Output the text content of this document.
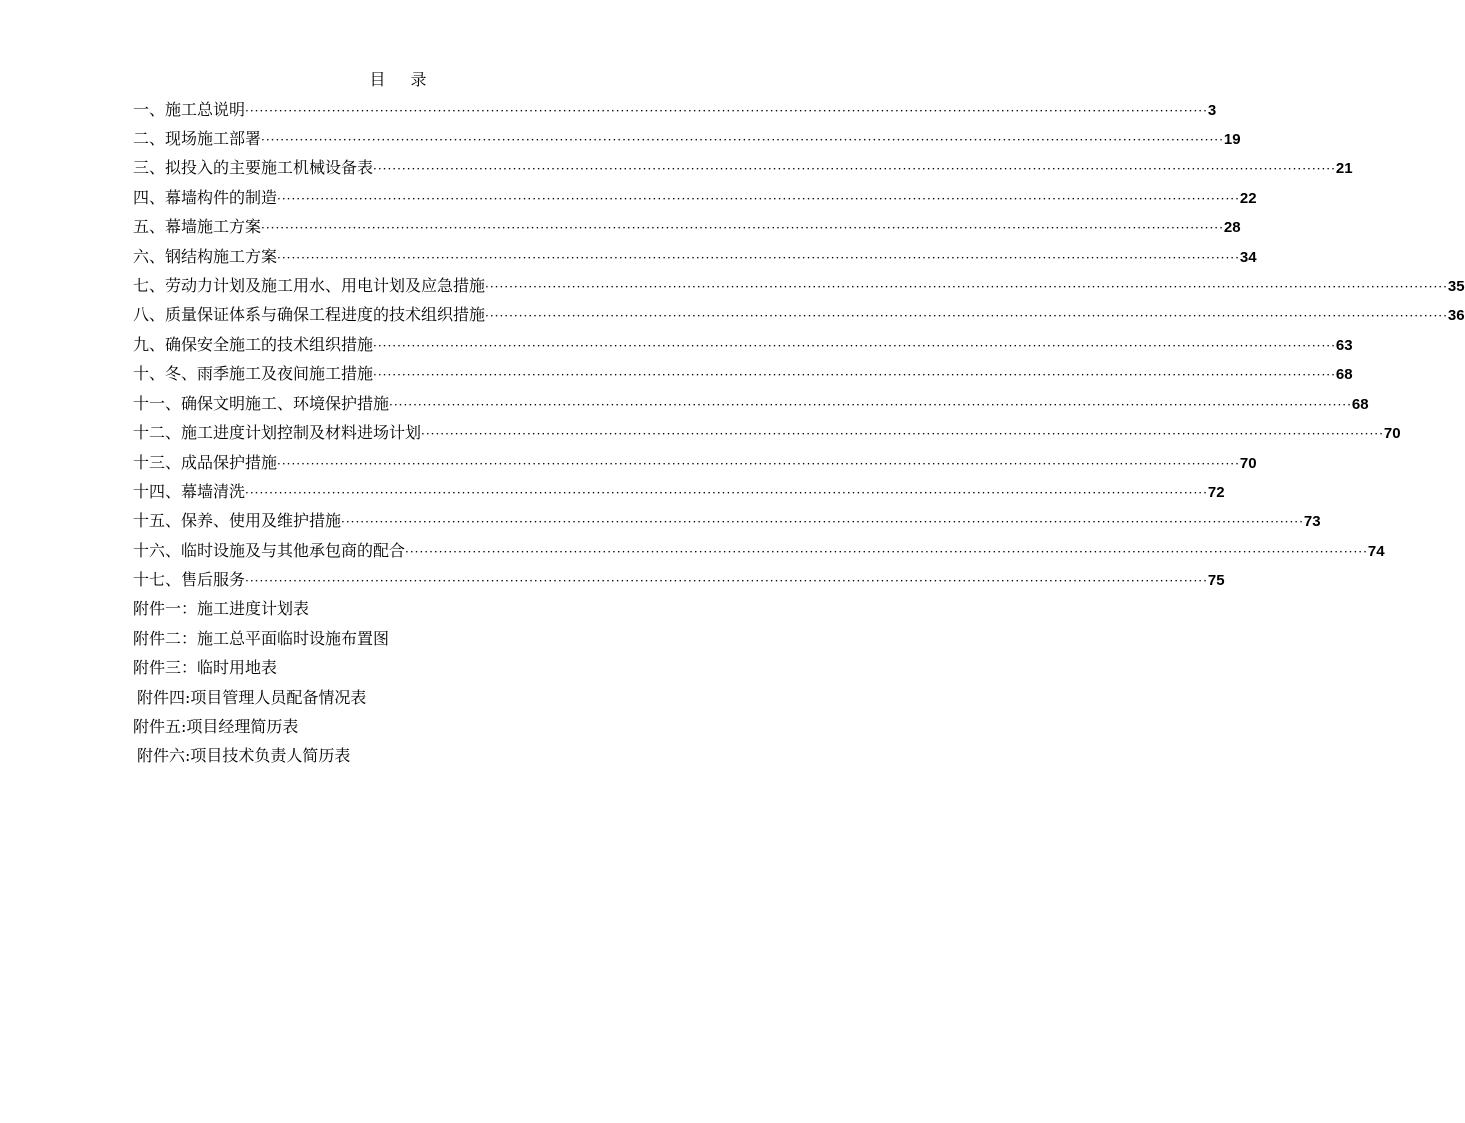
目 录
一、 施工总说明 ········································································································································································································ 3
二、 现场施工部署 ········································································································································································································ 19
三、 拟投入的主要施工机械设备表 ········································································································································································································ 21
四、 幕墙构件的制造 ········································································································································································································ 22
五、 幕墙施工方案 ········································································································································································································ 28
六、 钢结构施工方案 ········································································································································································································ 34
七、 劳动力计划及施工用水、用电计划及应急措施 ········································································································································································································ 35
八、 质量保证体系与确保工程进度的技术组织措施 ········································································································································································································ 36
九、 确保安全施工的技术组织措施 ········································································································································································································ 63
十、 冬、雨季施工及夜间施工措施 ········································································································································································································ 68
十一、 确保文明施工、环境保护措施 ········································································································································································································ 68
十二、 施工进度计划控制及材料进场计划 ········································································································································································································ 70
十三、 成品保护措施 ········································································································································································································ 70
十四、 幕墙清洗 ········································································································································································································ 72
十五、 保养、使用及维护措施 ········································································································································································································ 73
十六、 临时设施及与其他承包商的配合 ········································································································································································································ 74
十七、 售后服务 ········································································································································································································ 75
附件一：施工进度计划表
附件二：施工总平面临时设施布置图
附件三：临时用地表
附件四:项目管理人员配备情况表
附件五:项目经理简历表
附件六:项目技术负责人简历表
